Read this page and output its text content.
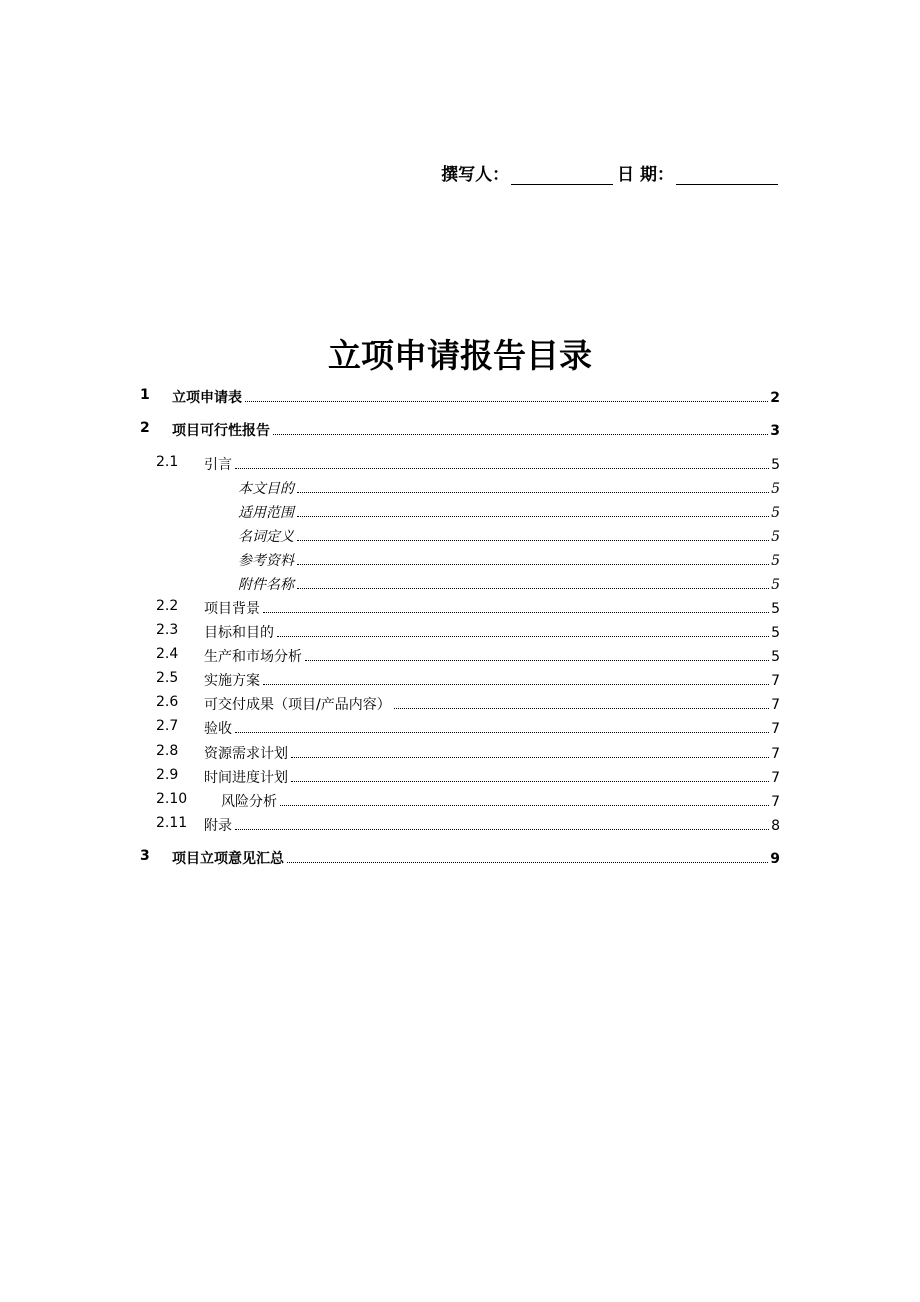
撰写人：	日 期：
立项申请报告目录
1 立项申请表	2
2 项目可行性报告	3
2.1 引言	5
本文目的	5
适用范围	5
名词定义	5
参考资料	5
附件名称	5
2.2 项目背景	5
2.3 目标和目的	5
2.4 生产和市场分析	5
2.5 实施方案	7
2.6 可交付成果（项目/产品内容）	7
2.7 验收	7
2.8 资源需求计划	7
2.9 时间进度计划	7
2.10 风险分析	7
2.11 附录	8
3 项目立项意见汇总	9
